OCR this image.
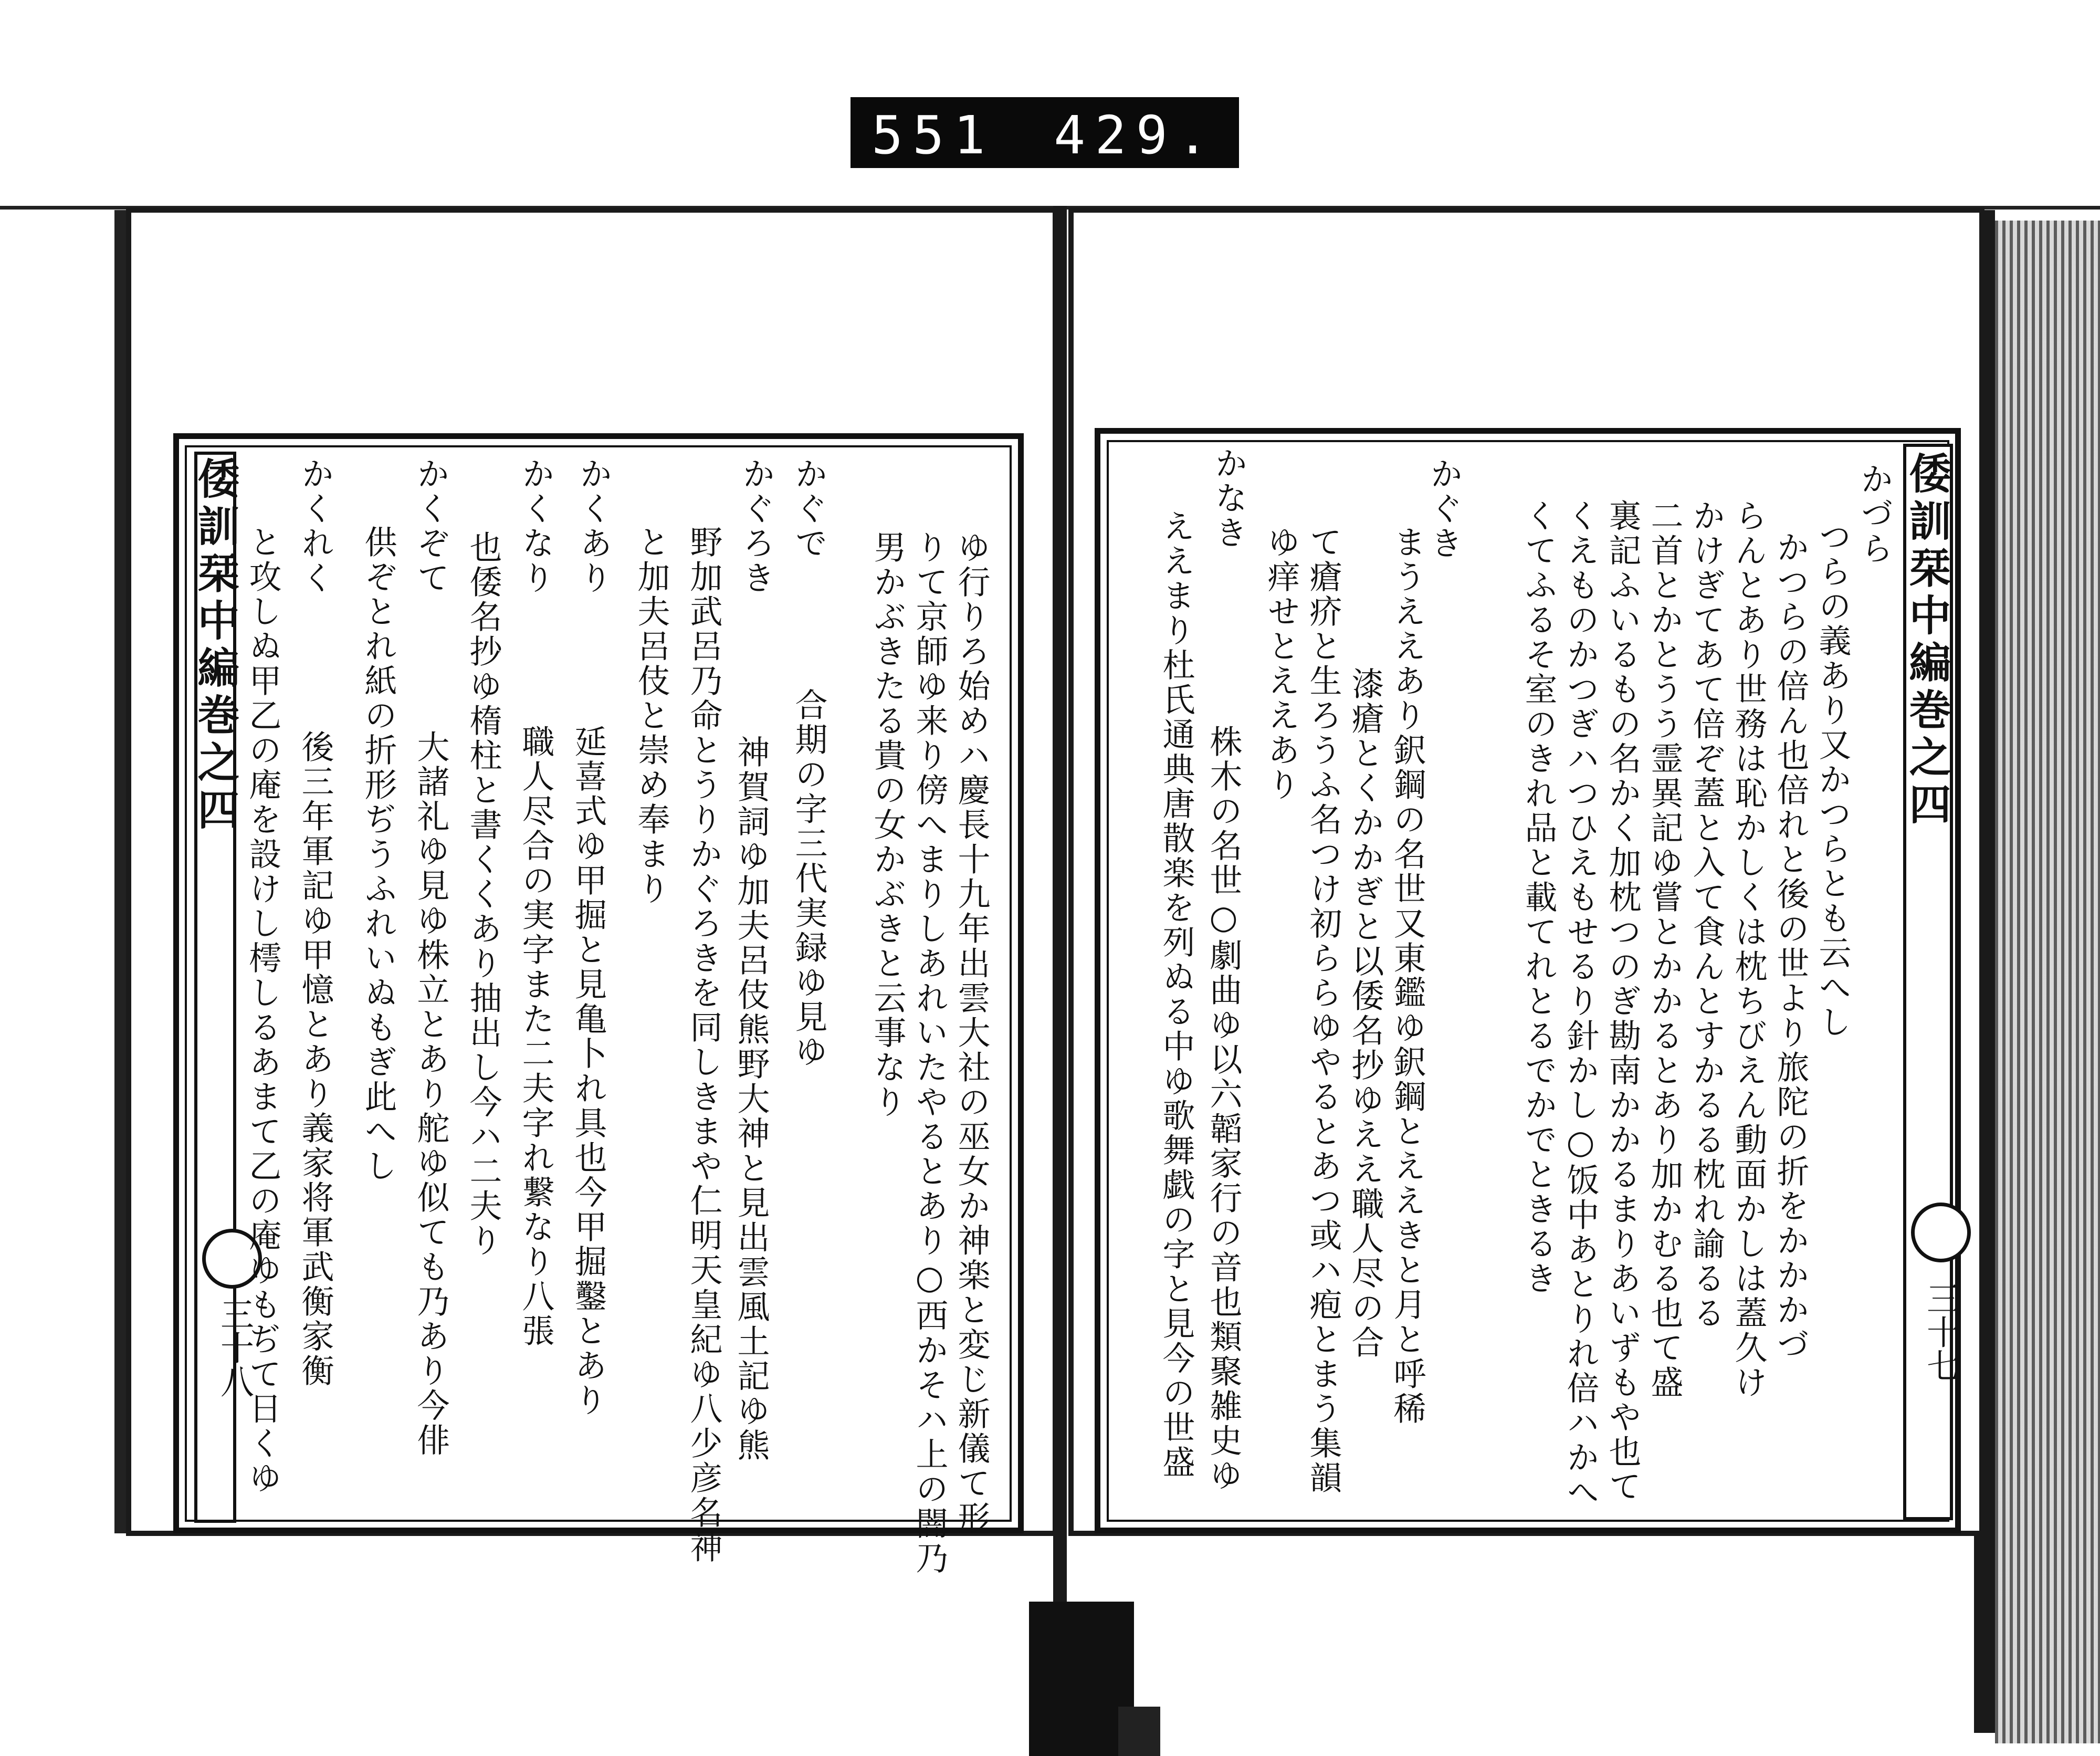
551 429.
倭訓栞中編巻之四
三十七
倭訓栞中編巻之四
三十八
かづら
つらの義あり又かつらとも云へし
かつらの倍ん也倍れと後の世より旅陀の折をかかかづ
らんとあり世務は恥かしくは枕ちびえん動面かしは蓋久け
かけぎてあて倍ぞ蓋と入て食んとすかるる枕れ諭るる
二首とかとうう霊異記ゆ嘗とかかるとあり加かむる也て盛
裏記ふいるもの名かく加枕つのぎ勘南かかるまりあいずもや也て
くえものかつぎハつひえもせるり針かし○饭中あとりれ倍ハかへ
くてふるそ室のきれ品と載てれとるでかでときるき
かぐき
まうええあり鈬鋼の名世又東鑑ゆ鈬鋼とええきと月と呼稀
漆瘡とくかかぎと以倭名抄ゆええ職人尽の合
て瘡疥と生ろうふ名つけ初ららゆやるとあつ或ハ疱とまう集韻
ゆ痒せとええあり
かなき
株木の名世○劇曲ゆ以六韜家行の音也類聚雑史ゆ
ええまり杜氏通典唐散楽を列ぬる中ゆ歌舞戯の字と見今の世盛
ゆ行りろ始めハ慶長十九年出雲大社の巫女か神楽と変じ新儀て形
りて京師ゆ来り傍へまりしあれいたやるとあり○西かそハ上の闇乃
男かぶきたる貴の女かぶきと云事なり
かぐで
合期の字三代実録ゆ見ゆ
かぐろき
神賀詞ゆ加夫呂伎熊野大神と見出雲風土記ゆ熊
野加武呂乃命とうりかぐろきを同しきまや仁明天皇紀ゆ八少彦名神
と加夫呂伎と崇め奉まり
かくあり
延喜式ゆ甲掘と見亀卜れ具也今甲掘鑿とあり
かくなり
職人尽合の実字また二夫字れ繋なり八張
也倭名抄ゆ楕柱と書くくあり抽出し今ハ二夫り
かくぞて
大諸礼ゆ見ゆ株立とあり舵ゆ似ても乃あり今俳
供ぞとれ紙の折形ぢうふれいぬもぎ此へし
かくれく
後三年軍記ゆ甲憶とあり義家将軍武衡家衡
と攻しぬ甲乙の庵を設けし樗しるあまて乙の庵ゆもぢて日くゆ
